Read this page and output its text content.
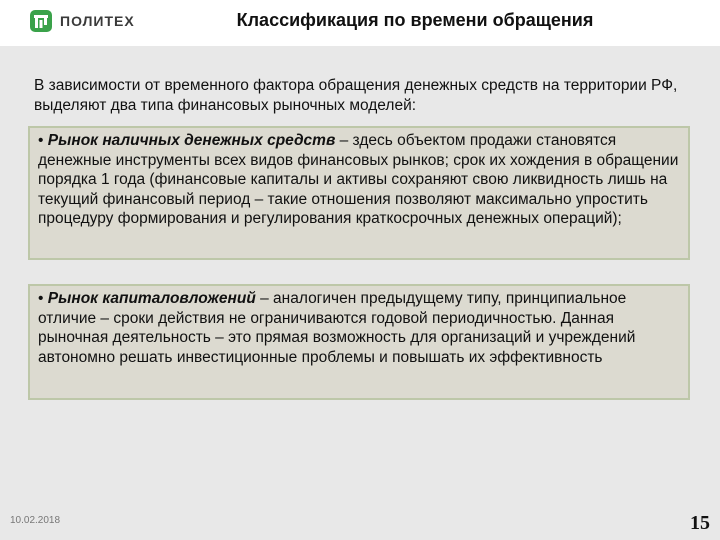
ПОЛИТЕХ	Классификация по времени обращения
В зависимости от временного фактора обращения денежных средств на территории РФ, выделяют два типа финансовых рыночных моделей:
• Рынок наличных денежных средств – здесь объектом продажи становятся денежные инструменты всех видов финансовых рынков; срок их хождения в обращении порядка 1 года (финансовые капиталы и активы сохраняют свою ликвидность лишь на текущий финансовый период – такие отношения позволяют максимально упростить процедуру формирования и регулирования краткосрочных денежных операций);
• Рынок капиталовложений – аналогичен предыдущему типу, принципиальное отличие – сроки действия не ограничиваются годовой периодичностью. Данная рыночная деятельность – это прямая возможность для организаций и учреждений автономно решать инвестиционные проблемы и повышать их эффективность
10.02.2018	15
